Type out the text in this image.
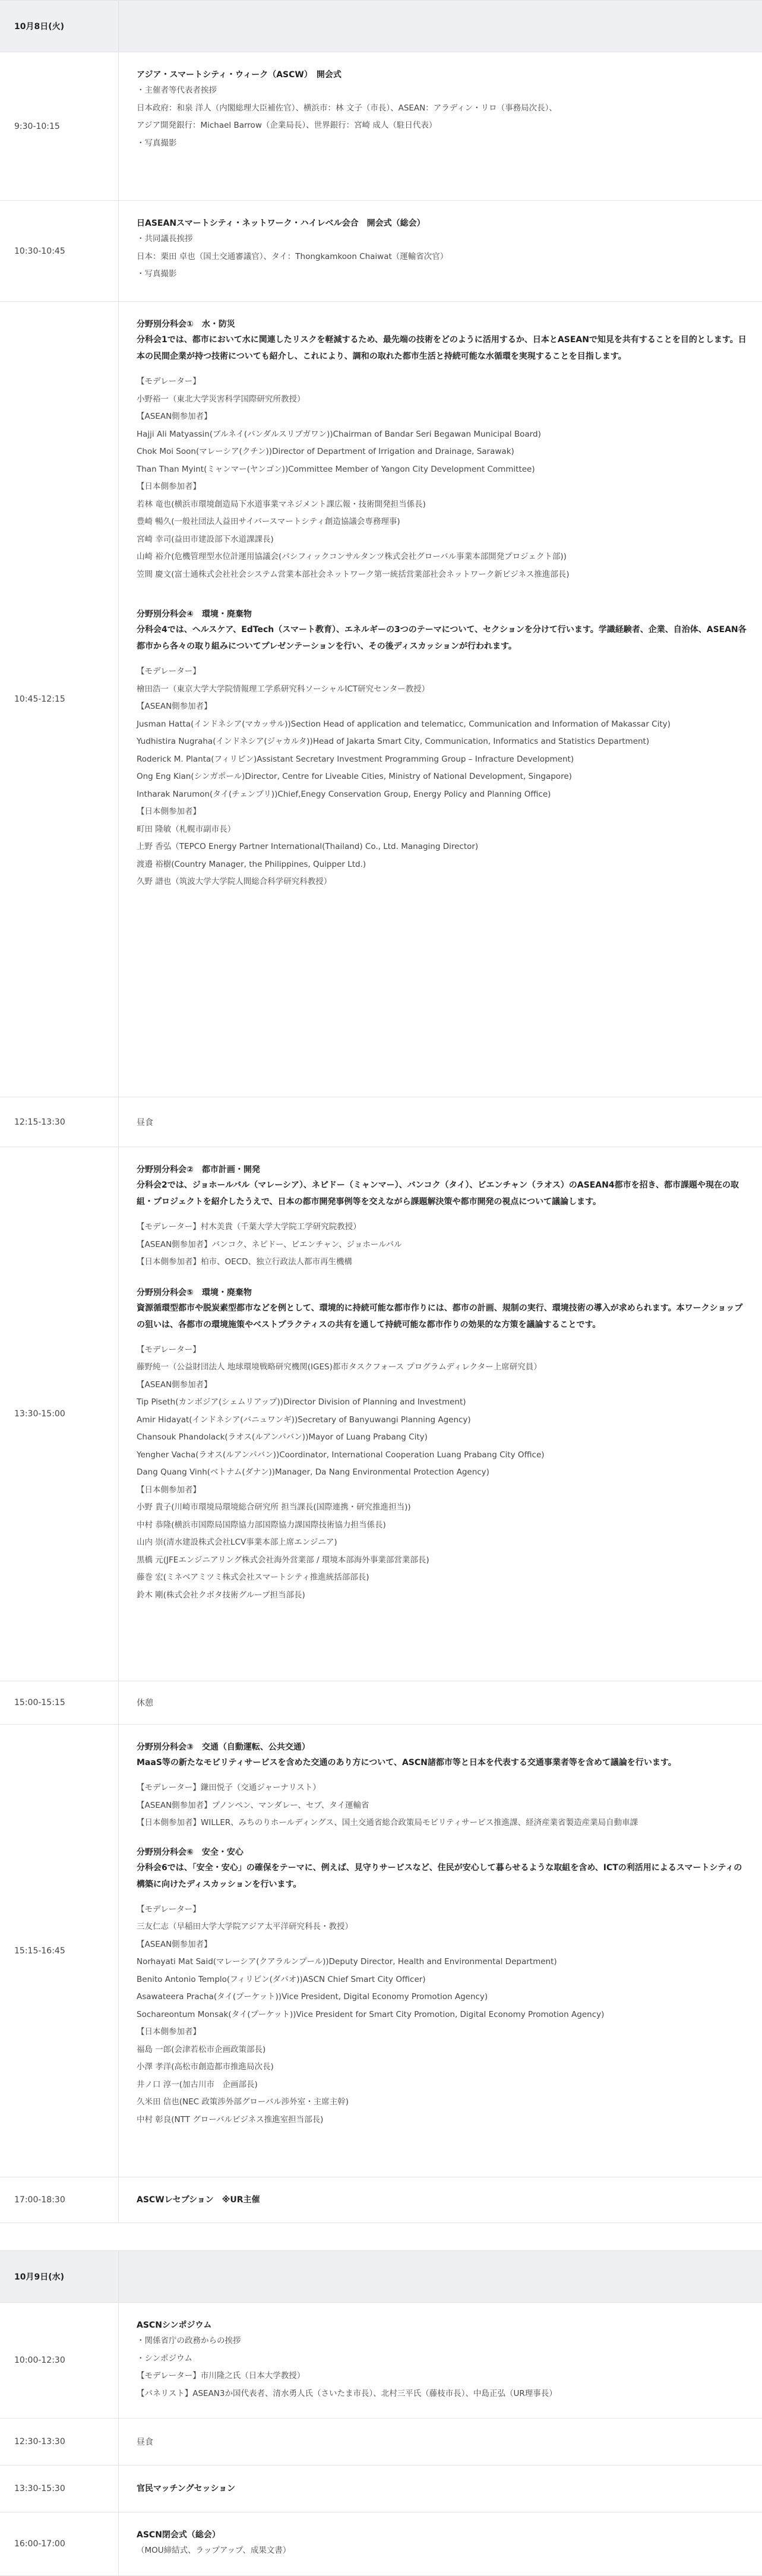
10月8日(火)
9:30-10:15
アジア・スマートシティ・ウィーク（ASCW）　開会式
・主催者等代表者挨拶
日本政府：和泉 洋人（内閣総理大臣補佐官）、横浜市：林 文子（市長）、ASEAN：アラディン・リロ（事務局次長）、
アジア開発銀行：Michael Barrow（企業局長）、世界銀行：宮崎 成人（駐日代表）
・写真撮影
10:30-10:45
日ASEANスマートシティ・ネットワーク・ハイレベル会合　開会式（総会）
・共同議長挨拶
日本：栗田 卓也（国土交通審議官）、タイ：Thongkamkoon Chaiwat（運輸省次官）
・写真撮影
10:45-12:15
分野別分科会①　水・防災
分科会1では、都市において水に関連したリスクを軽減するため、最先端の技術をどのように活用するか、日本とASEANで知見を共有することを目的とします。日本の民間企業が持つ技術についても紹介し、これにより、調和の取れた都市生活と持続可能な水循環を実現することを目指します。
【モデレーター】
小野裕一（東北大学災害科学国際研究所教授）
【ASEAN側参加者】
Hajji Ali Matyassin(ブルネイ(バンダルスリブガワン))Chairman of Bandar Seri Begawan Municipal Board)
Chok Moi Soon(マレーシア(クチン))Director of Department of Irrigation and Drainage, Sarawak)
Than Than Myint(ミャンマー(ヤンゴン))Committee Member of Yangon City Development Committee)
【日本側参加者】
若林 竜也(横浜市環境創造局下水道事業マネジメント課広報・技術開発担当係長)
豊崎 暢久(一般社団法人益田サイバースマートシティ創造協議会専務理事)
宮崎 幸司(益田市建設部下水道課課長)
山崎 裕介(危機管理型水位計運用協議会(パシフィックコンサルタンツ株式会社グローバル事業本部開発プロジェクト部))
笠間 慶文(富士通株式会社社会システム営業本部社会ネットワーク第一統括営業部社会ネットワーク新ビジネス推進部長)
分野別分科会④　環境・廃棄物
分科会4では、ヘルスケア、EdTech（スマート教育）、エネルギーの3つのテーマについて、セクションを分けて行います。学識経験者、企業、自治体、ASEAN各都市から各々の取り組みについてプレゼンテーションを行い、その後ディスカッションが行われます。
【モデレーター】
檜田浩一（東京大学大学院情報理工学系研究科ソーシャルICT研究センター教授）
【ASEAN側参加者】
Jusman Hatta(インドネシア(マカッサル))Section Head of application and telematicc, Communication and Information of Makassar City)
Yudhistira Nugraha(インドネシア(ジャカルタ))Head of Jakarta Smart City, Communication, Informatics and Statistics Department)
Roderick M. Planta(フィリピン)Assistant Secretary Investment Programming Group – Infracture Development)
Ong Eng Kian(シンガポール)Director, Centre for Liveable Cities, Ministry of National Development, Singapore)
Intharak Narumon(タイ(チェンブリ))Chief,Enegy Conservation Group, Energy Policy and Planning Office)
【日本側参加者】
町田 隆敏（札幌市副市長）
上野 香弘（TEPCO Energy Partner International(Thailand) Co., Ltd. Managing Director)
渡邉 裕樹(Country Manager, the Philippines, Quipper Ltd.)
久野 譜也（筑波大学大学院人間総合科学研究科教授）
12:15-13:30	昼食
13:30-15:00
分野別分科会②　都市計画・開発
分科会2では、ジョホールバル（マレーシア）、ネピドー（ミャンマー）、バンコク（タイ）、ビエンチャン（ラオス）のASEAN4都市を招き、都市課題や現在の取組・プロジェクトを紹介したうえで、日本の都市開発事例等を交えながら課題解決策や都市開発の視点について議論します。
【モデレーター】村木美貴（千葉大学大学院工学研究院教授）
【ASEAN側参加者】バンコク、ネピドー、ビエンチャン、ジョホールバル
【日本側参加者】柏市、OECD、独立行政法人都市再生機構
分野別分科会⑤　環境・廃棄物
資源循環型都市や脱炭素型都市などを例として、環境的に持続可能な都市作りには、都市の計画、規制の実行、環境技術の導入が求められます。本ワークショップの狙いは、各都市の環境施策やベストプラクティスの共有を通して持続可能な都市作りの効果的な方策を議論することです。
【モデレーター】
藤野純一（公益財団法人 地球環境戦略研究機関(IGES)都市タスクフォース プログラムディレクター上席研究員）
【ASEAN側参加者】
Tip Piseth(カンボジア(シェムリアップ))Director Division of Planning and Investment)
Amir Hidayat(インドネシア(バニュワンギ))Secretary of Banyuwangi Planning Agency)
Chansouk Phandolack(ラオス(ルアンパバン))Mayor of Luang Prabang City)
Yengher Vacha(ラオス(ルアンパバン))Coordinator, International Cooperation Luang Prabang City Office)
Dang Quang Vinh(ベトナム(ダナン))Manager, Da Nang Environmental Protection Agency)
【日本側参加者】
小野 貴子(川崎市環境局環境総合研究所 担当課長(国際連携・研究推進担当))
中村 恭隆(横浜市国際局国際協力部国際協力課国際技術協力担当係長)
山内 崇(清水建設株式会社LCV事業本部上席エンジニア)
黒橋 元(JFEエンジニアリング株式会社海外営業部 / 環境本部海外事業部営業部長)
藤巻 宏(ミネベアミツミ株式会社スマートシティ推進統括部部長)
鈴木 剛(株式会社クボタ技術グループ担当部長)
15:00-15:15	休憩
15:15-16:45
分野別分科会③　交通（自動運転、公共交通）
MaaS等の新たなモビリティサービスを含めた交通のあり方について、ASCN諸都市等と日本を代表する交通事業者等を含めて議論を行います。
【モデレーター】鎌田悦子（交通ジャーナリスト）
【ASEAN側参加者】プノンペン、マンダレー、セブ、タイ運輸省
【日本側参加者】WILLER、みちのりホールディングス、国土交通省総合政策局モビリティサービス推進課、経済産業省製造産業局自動車課
分野別分科会⑥　安全・安心
分科会6では、「安全・安心」の確保をテーマに、例えば、見守りサービスなど、住民が安心して暮らせるような取組を含め、ICTの利活用によるスマートシティの構築に向けたディスカッションを行います。
【モデレーター】
三友仁志（早稲田大学大学院アジア太平洋研究科長・教授）
【ASEAN側参加者】
Norhayati Mat Said(マレーシア(クアラルンプール))Deputy Director, Health and Environmental Department)
Benito Antonio Templo(フィリピン(ダバオ))ASCN Chief Smart City Officer)
Asawateera Pracha(タイ(プーケット))Vice President, Digital Economy Promotion Agency)
Sochareontum Monsak(タイ(プーケット))Vice President for Smart City Promotion, Digital Economy Promotion Agency)
【日本側参加者】
福島 一郎(会津若松市企画政策部長)
小澤 孝洋(高松市創造都市推進局次長)
井ノ口 淳一(加古川市　企画部長)
久米田 信也(NEC 政策渉外部グローバル渉外室・主席主幹)
中村 彰良(NTT グローバルビジネス推進室担当部長)
17:00-18:30	ASCWレセプション　※UR主催
10月9日(水)
10:00-12:30
ASCNシンポジウム
・関係省庁の政務からの挨拶
・シンポジウム
【モデレーター】市川隆之氏（日本大学教授）
【パネリスト】ASEAN3か国代表者、清水勇人氏（さいたま市長）、北村三平氏（藤枝市長）、中島正弘（UR理事長）
12:30-13:30	昼食
13:30-15:30	官民マッチングセッション
16:00-17:00
ASCN閉会式（総会）
（MOU締結式、ラップアップ、成果文書）
